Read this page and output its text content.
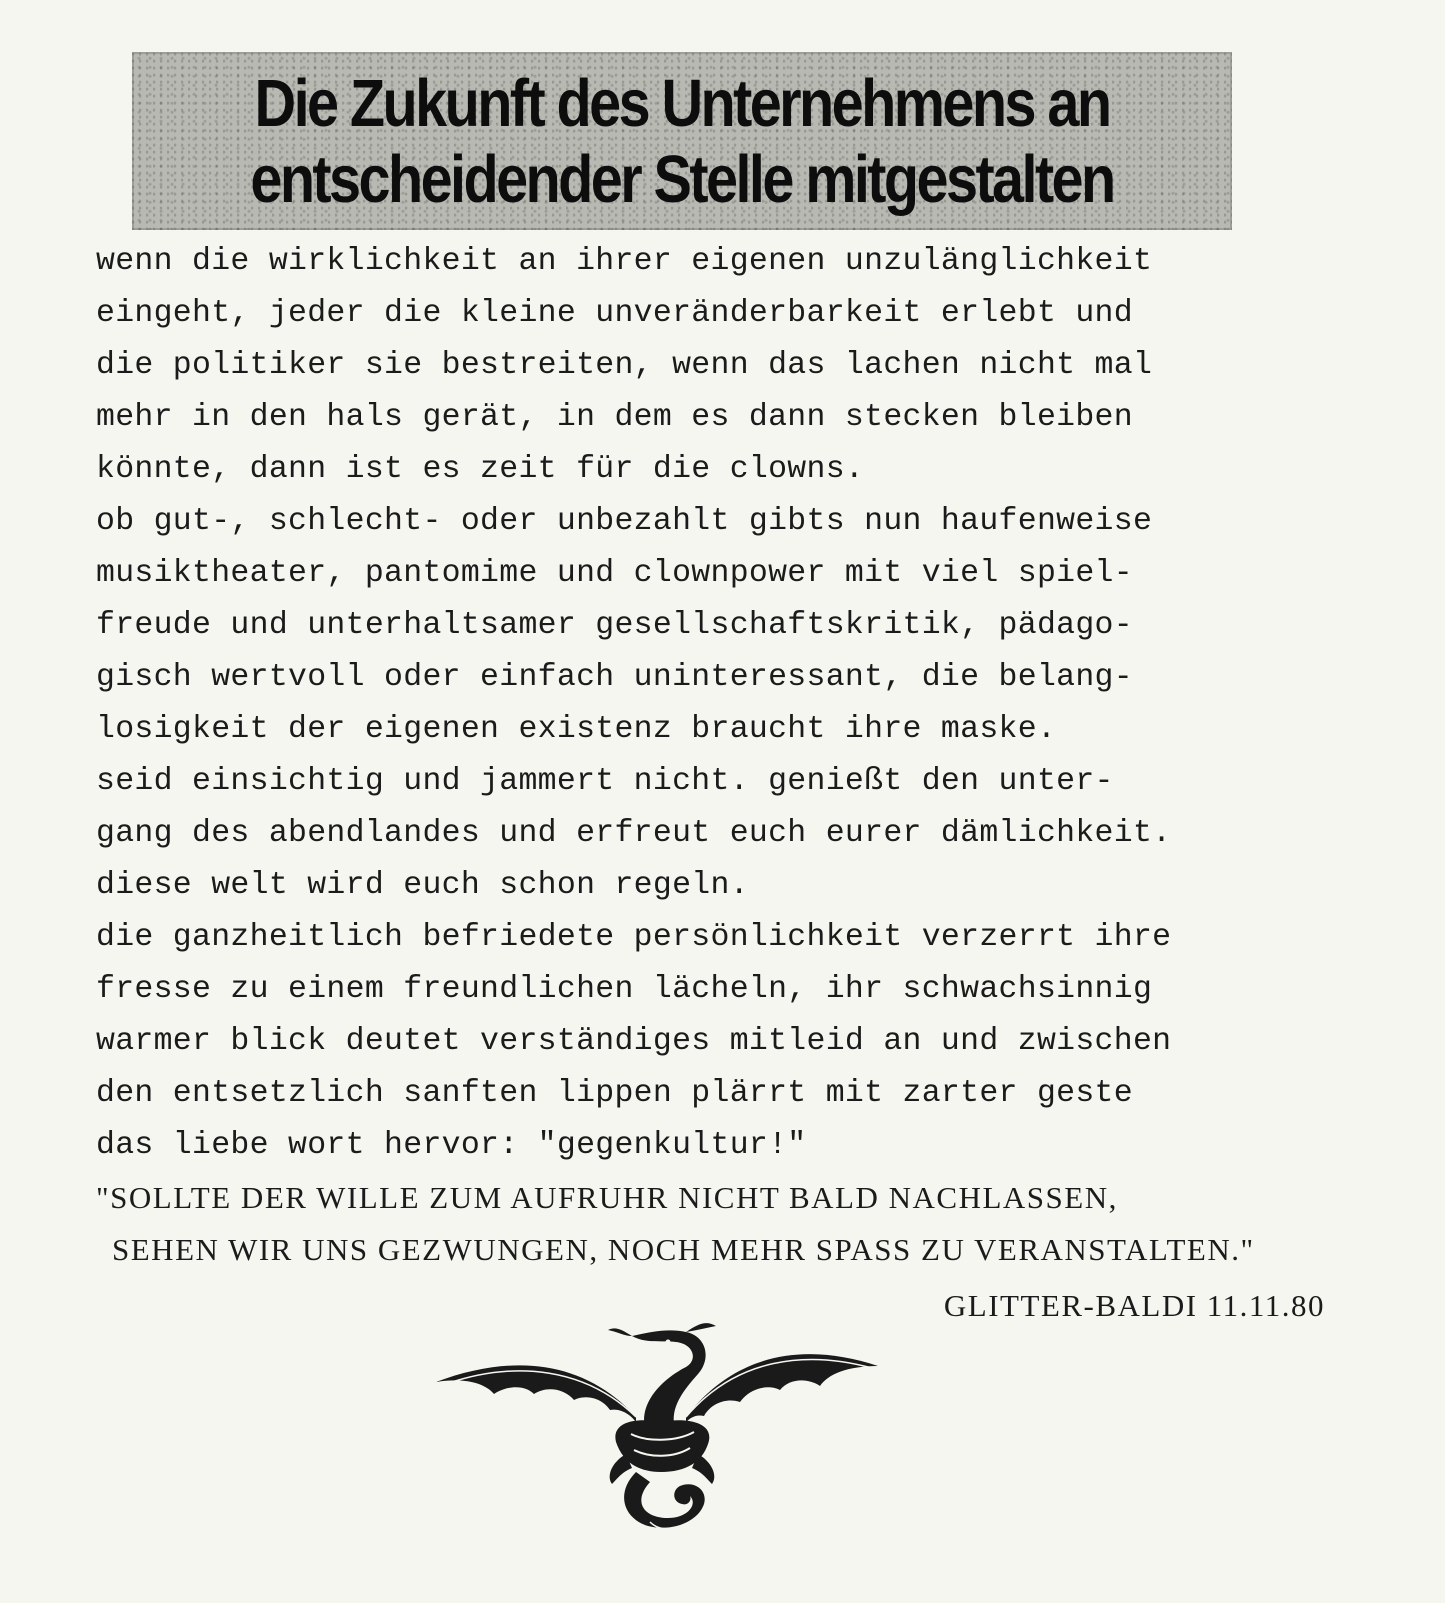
Die Zukunft des Unternehmens an
entscheidender Stelle mitgestalten
wenn die wirklichkeit an ihrer eigenen unzulänglichkeit
eingeht, jeder die kleine unveränderbarkeit erlebt und
die politiker sie bestreiten, wenn das lachen nicht mal
mehr in den hals gerät, in dem es dann stecken bleiben
könnte, dann ist es zeit für die clowns.
ob gut-, schlecht- oder unbezahlt gibts nun haufenweise
musiktheater, pantomime und clownpower mit viel spiel-
freude und unterhaltsamer gesellschaftskritik, pädago-
gisch wertvoll oder einfach uninteressant, die belang-
losigkeit der eigenen existenz braucht ihre maske.
seid einsichtig und jammert nicht. genießt den unter-
gang des abendlandes und erfreut euch eurer dämlichkeit.
diese welt wird euch schon regeln.
die ganzheitlich befriedete persönlichkeit verzerrt ihre
fresse zu einem freundlichen lächeln, ihr schwachsinnig
warmer blick deutet verständiges mitleid an und zwischen
den entsetzlich sanften lippen plärrt mit zarter geste
das liebe wort hervor: "gegenkultur!"
"SOLLTE DER WILLE ZUM AUFRUHR NICHT BALD NACHLASSEN,
SEHEN WIR UNS GEZWUNGEN, NOCH MEHR SPASS ZU VERANSTALTEN."
GLITTER-BALDI 11.11.80
